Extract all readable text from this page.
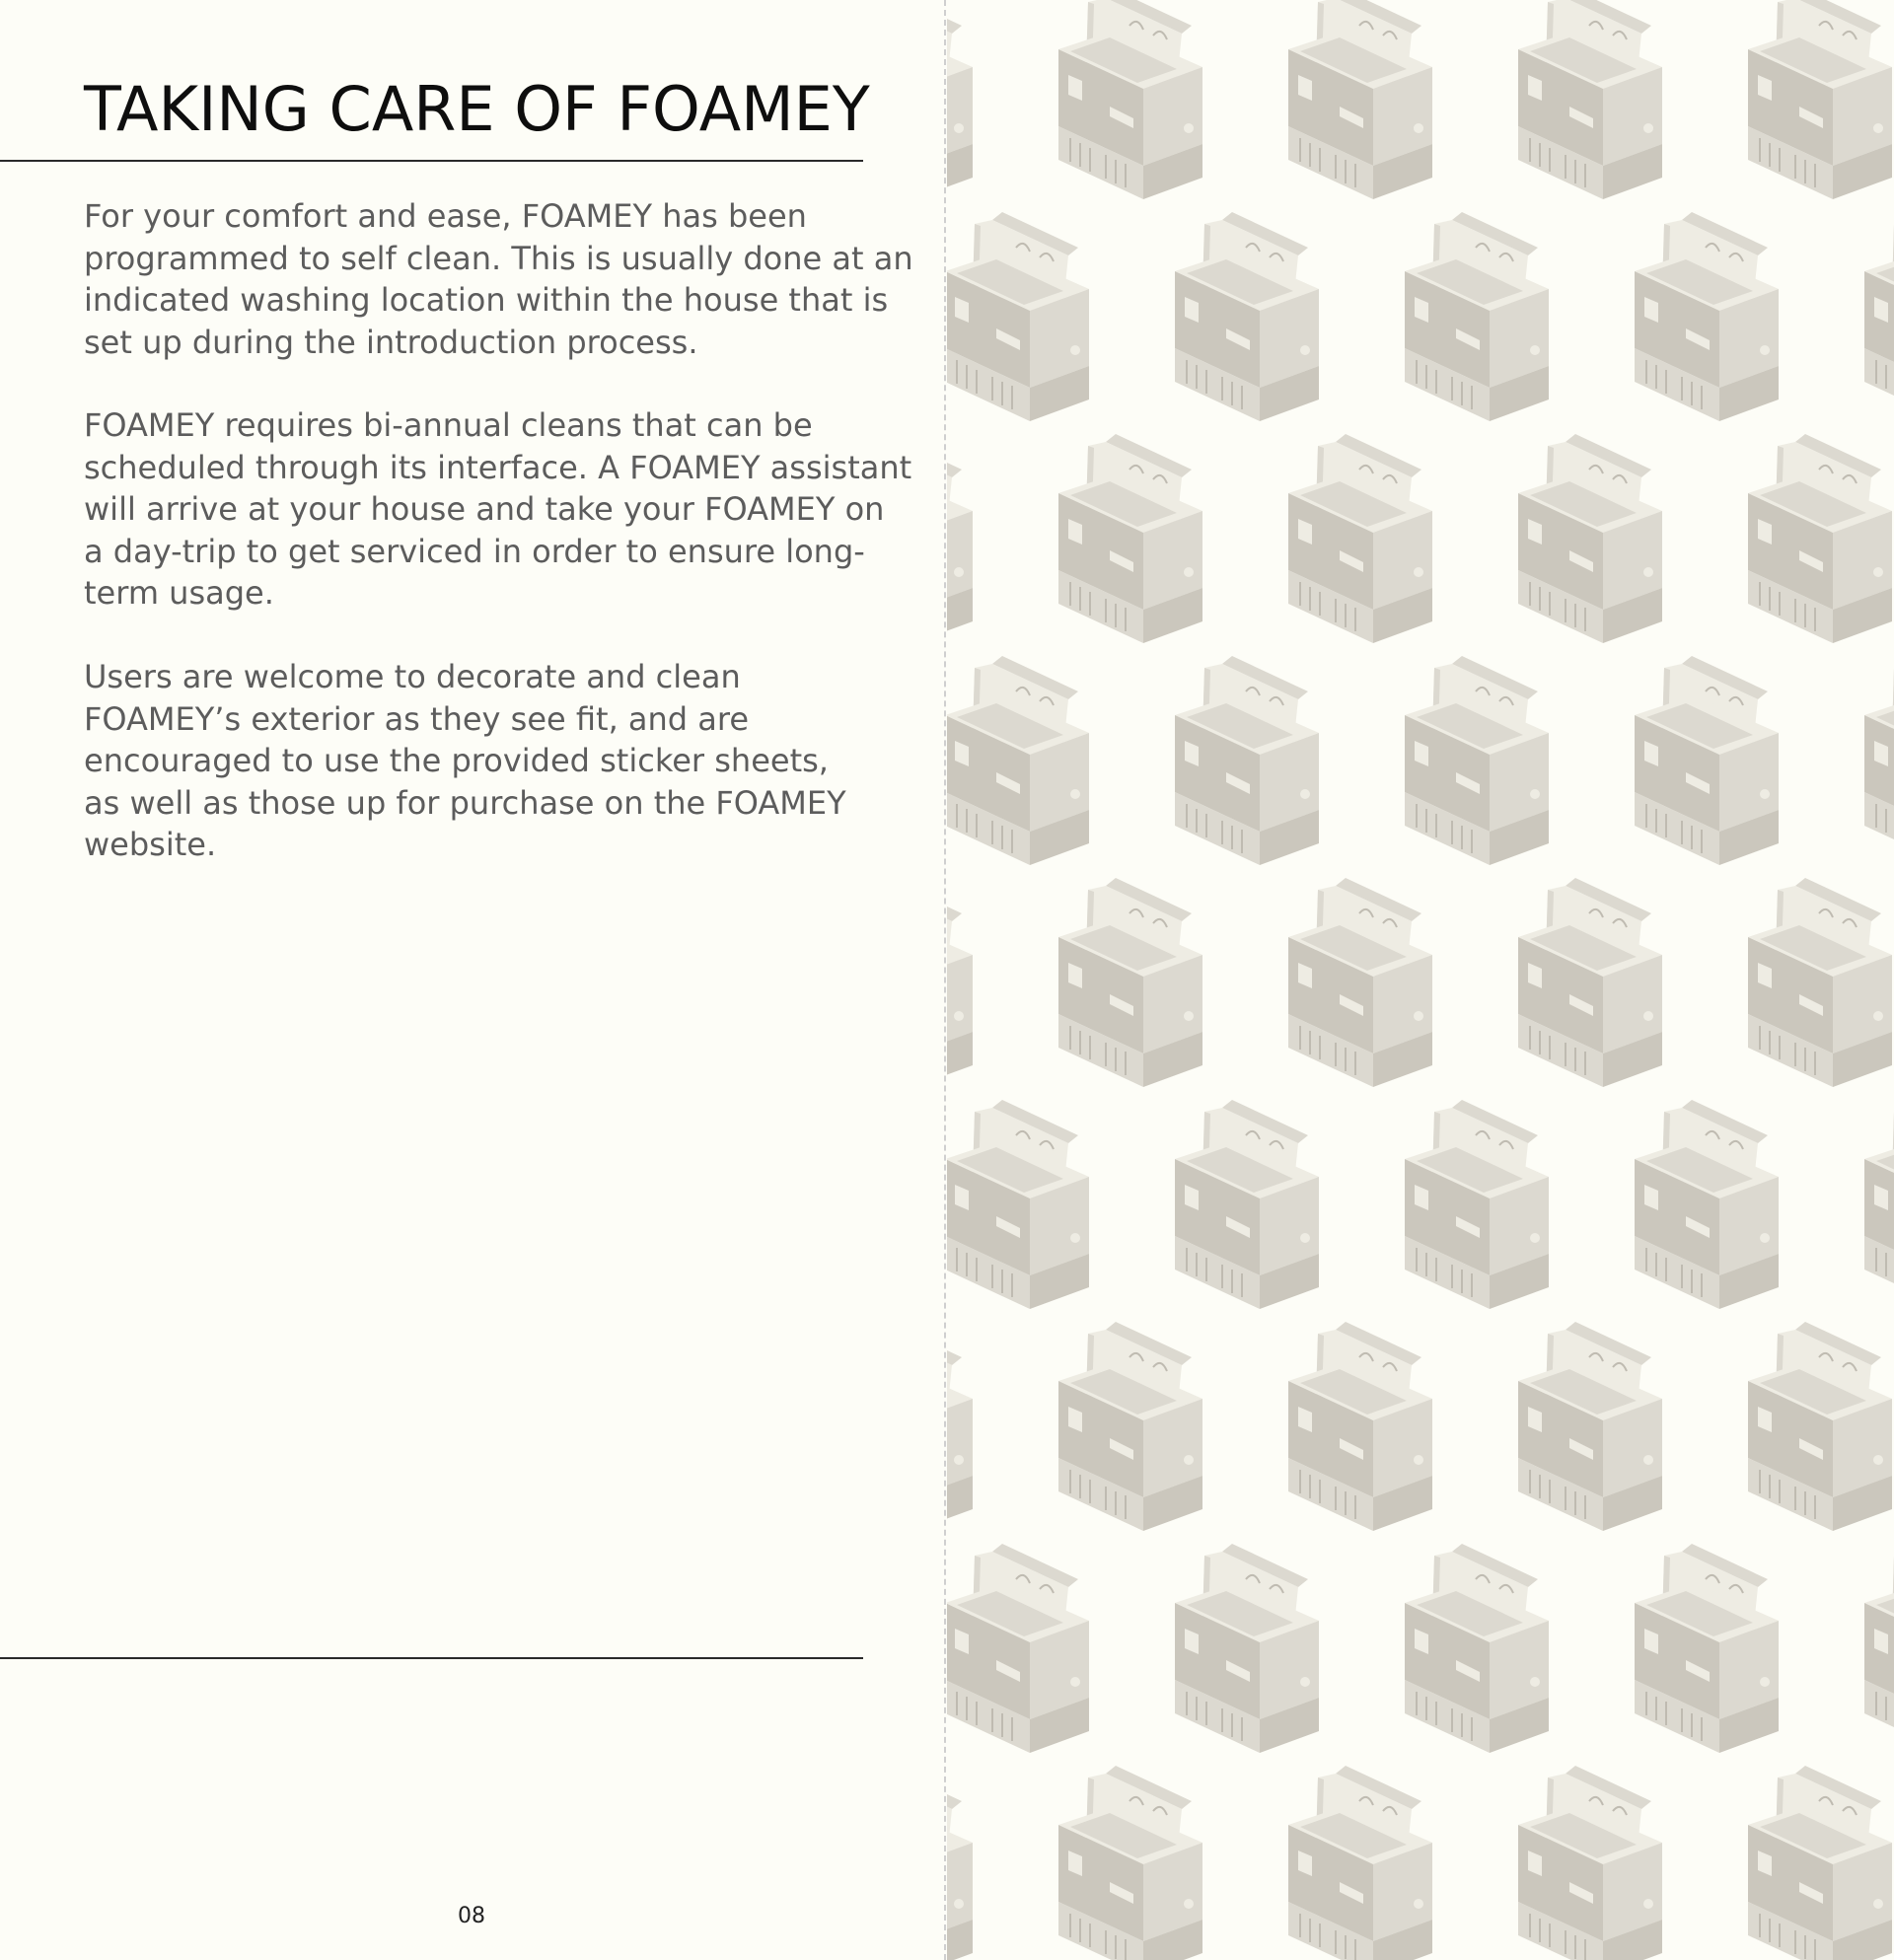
TAKING CARE OF FOAMEY

For your comfort and ease, FOAMEY has been
programmed to self clean. This is usually done at an
indicated washing location within the house that is
set up during the introduction process.

FOAMEY requires bi-annual cleans that can be
scheduled through its interface. A FOAMEY assistant
will arrive at your house and take your FOAMEY on
a day-trip to get serviced in order to ensure long-
term usage.

Users are welcome to decorate and clean
FOAMEY’s exterior as they see fit, and are
encouraged to use the provided sticker sheets,
as well as those up for purchase on the FOAMEY
website.

08
